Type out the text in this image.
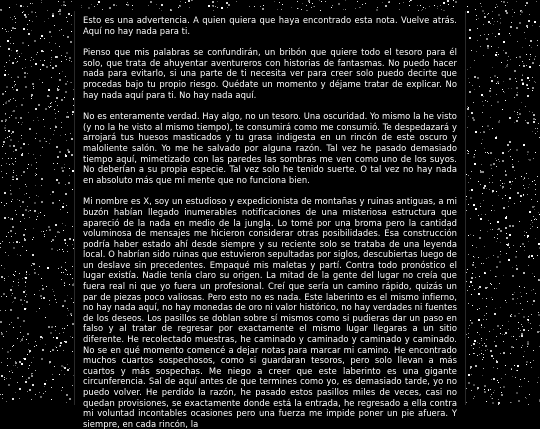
Esto es una advertencia. A quien quiera que haya encontrado esta nota. Vuelve atrás. Aquí no hay nada para ti.

Pienso que mis palabras se confundirán, un bribón que quiere todo el tesoro para él solo, que trata de ahuyentar aventureros con historias de fantasmas. No puedo hacer nada para evitarlo, si una parte de ti necesita ver para creer solo puedo decirte que procedas bajo tu propio riesgo. Quédate un momento y déjame tratar de explicar. No hay nada aquí para ti. No hay nada aquí.

No es enteramente verdad. Hay algo, no un tesoro. Una oscuridad. Yo mismo la he visto (y no la he visto al mismo tiempo), te consumirá como me consumió. Te despedazará y arrojará tus huesos masticados y tu grasa indigesta en un rincón de este oscuro y maloliente salón. Yo me he salvado por alguna razón. Tal vez he pasado demasiado tiempo aquí, mimetizado con las paredes las sombras me ven como uno de los suyos. No deberían a su propia especie. Tal vez solo he tenido suerte. O tal vez no hay nada en absoluto más que mi mente que no funciona bien.

Mi nombre es X, soy un estudioso y expedicionista de montañas y ruinas antiguas, a mi buzón habían llegado inumerables notificaciones de una misteriosa estructura que apareció de la nada en medio de la jungla. Lo tomé por una broma pero la cantidad voluminosa de mensajes me hicieron considerar otras posibilidades. Esa construcción podría haber estado ahí desde siempre y su reciente solo se trataba de una leyenda local. O habrían sido ruinas que estuvieron sepultadas por siglos, descubiertas luego de un deslave sin precedentes. Empaqué mis maletas y partí. Contra todo pronóstico el lugar existía. Nadie tenía claro su origen. La mitad de la gente del lugar no creía que fuera real ni que yo fuera un profesional. Creí que sería un camino rápido, quizás un par de piezas poco valiosas. Pero esto no es nada. Este laberinto es el mismo infierno, no hay nada aquí, no hay monedas de oro ni valor histórico, no hay verdades ni fuentes de los deseos. Los pasillos se doblan sobre sí mismos como si pudieras dar un paso en falso y al tratar de regresar por exactamente el mismo lugar llegaras a un sitio diferente. He recolectado muestras, he caminado y caminado y caminado y caminado. No se en qué momento comencé a dejar notas para marcar mi camino. He encontrado muchos cuartos sospechosos, como si guardaran tesoros, pero solo llevan a más cuartos y más sospechas. Me niego a creer que este laberinto es una gigante circunferencia. Sal de aquí antes de que termines como yo, es demasiado tarde, yo no puedo volver. He perdido la razón, he pasado estos pasillos miles de veces, casi no quedan provisiones, se exactamente donde está la entrada, he regresado a ella contra mi voluntad incontables ocasiones pero una fuerza me impide poner un pie afuera. Y siempre, en cada rincón, la
